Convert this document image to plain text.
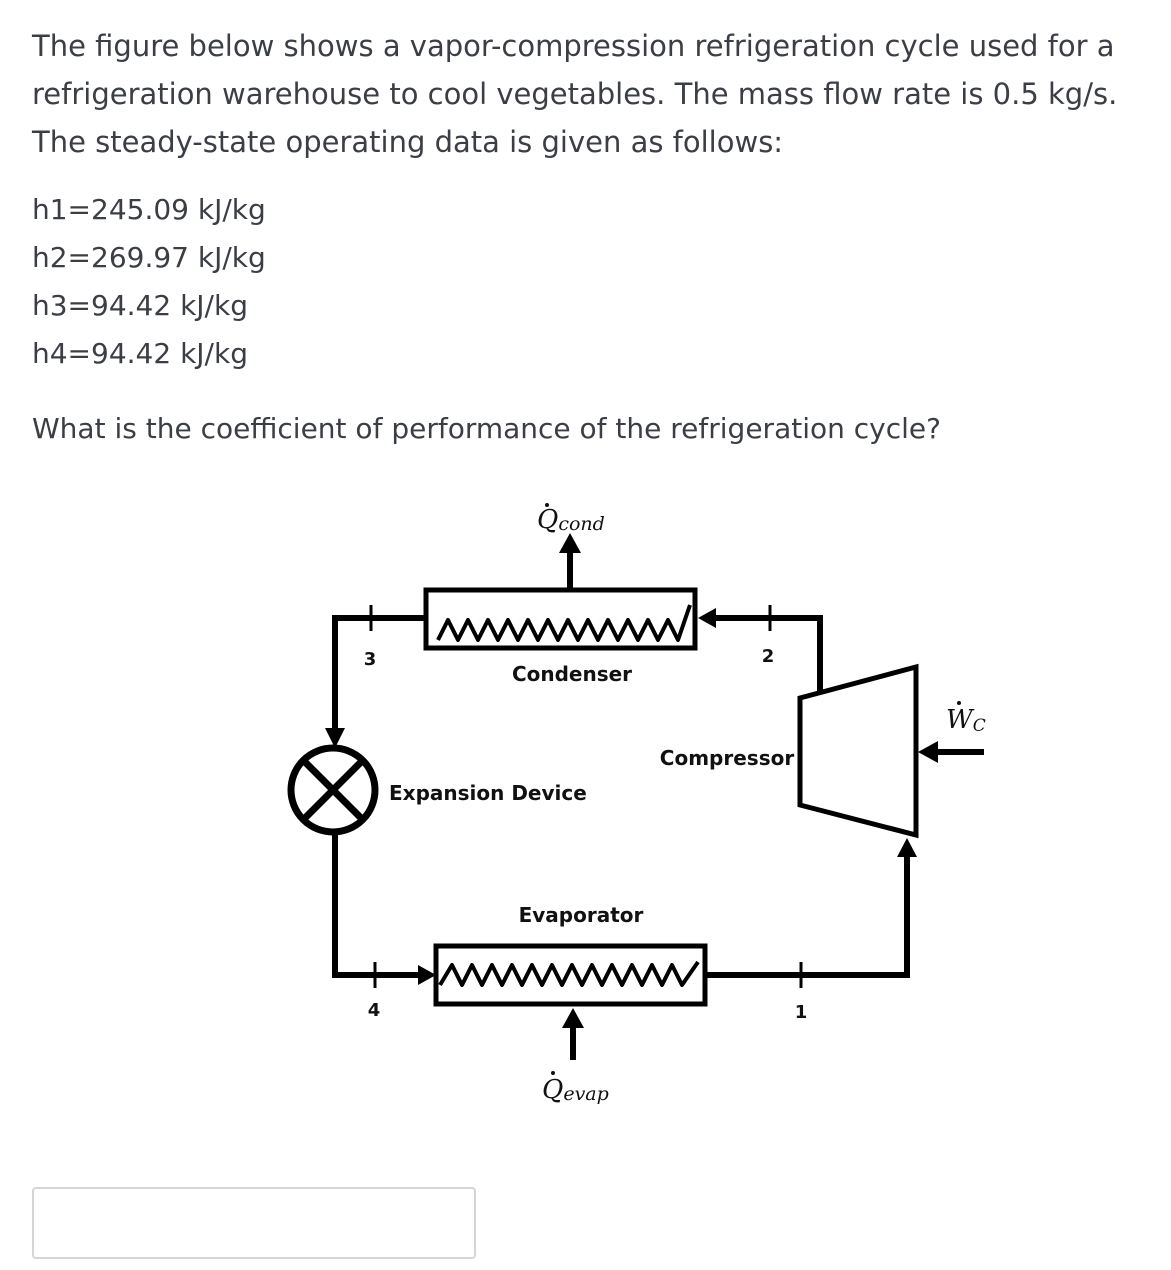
The figure below shows a vapor-compression refrigeration cycle used for a refrigeration warehouse to cool vegetables. The mass flow rate is 0.5 kg/s. The steady-state operating data is given as follows:

h1=245.09 kJ/kg
h2=269.97 kJ/kg
h3=94.42 kJ/kg
h4=94.42 kJ/kg
What is the coefficient of performance of the refrigeration cycle?
3	2
4	1
Condenser
Qcond
Evaporator
Qevap
Expansion Device
Compressor
WC
